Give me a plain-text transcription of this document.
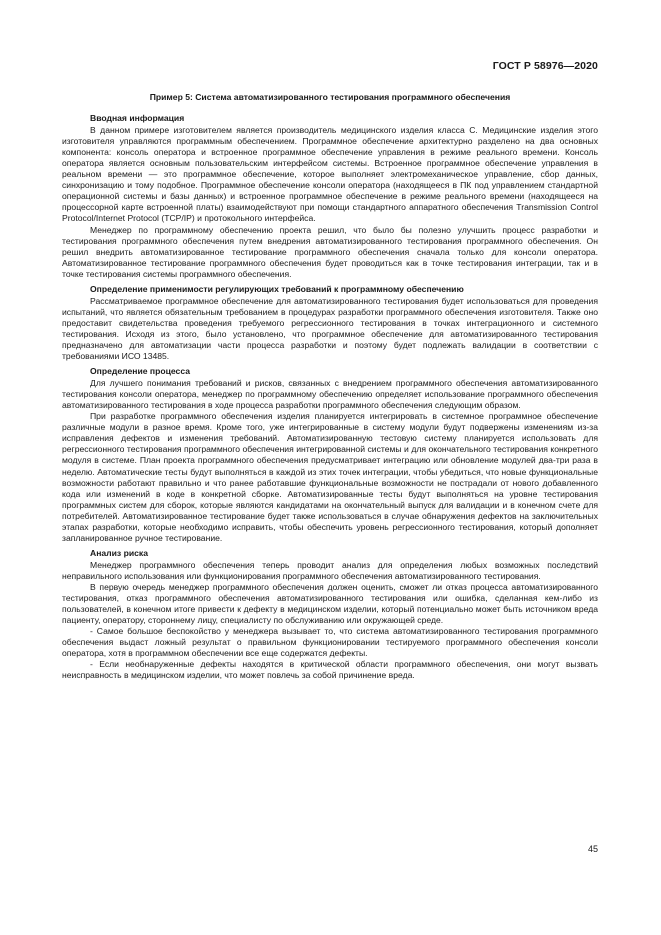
ГОСТ Р 58976—2020
Пример 5: Система автоматизированного тестирования программного обеспечения
Вводная информация

В данном примере изготовителем является производитель медицинского изделия класса С. Медицинские изделия этого изготовителя управляются программным обеспечением. Программное обеспечение архитектурно разделено на два основных компонента: консоль оператора и встроенное программное обеспечение управления в режиме реального времени. Консоль оператора является основным пользовательским интерфейсом системы. Встроенное программное обеспечение управления в реальном времени — это программное обеспечение, которое выполняет электромеханическое управление, сбор данных, синхронизацию и тому подобное. Программное обеспечение консоли оператора (находящееся в ПК под управлением стандартной операционной системы и базы данных) и встроенное программное обеспечение в режиме реального времени (находящееся на процессорной карте встроенной платы) взаимодействуют при помощи стандартного аппаратного обеспечения Transmission Control Protocol/Internet Protocol (TCP/IP) и протокольного интерфейса.

Менеджер по программному обеспечению проекта решил, что было бы полезно улучшить процесс разработки и тестирования программного обеспечения путем внедрения автоматизированного тестирования программного обеспечения. Он решил внедрить автоматизированное тестирование программного обеспечения сначала только для консоли оператора. Автоматизированное тестирование программного обеспечения будет проводиться как в точке тестирования интеграции, так и в точке тестирования системы программного обеспечения.

Определение применимости регулирующих требований к программному обеспечению

Рассматриваемое программное обеспечение для автоматизированного тестирования будет использоваться для проведения испытаний, что является обязательным требованием в процедурах разработки программного обеспечения изготовителя. Также оно предоставит свидетельства проведения требуемого регрессионного тестирования в точках интеграционного и системного тестирования. Исходя из этого, было установлено, что программное обеспечение для автоматизированного тестирования предназначено для автоматизации части процесса разработки и поэтому будет подлежать валидации в соответствии с требованиями ИСО 13485.

Определение процесса

Для лучшего понимания требований и рисков, связанных с внедрением программного обеспечения автоматизированного тестирования консоли оператора, менеджер по программному обеспечению определяет использование программного обеспечения автоматизированного тестирования в ходе процесса разработки программного обеспечения следующим образом.

При разработке программного обеспечения изделия планируется интегрировать в системное программное обеспечение различные модули в разное время. Кроме того, уже интегрированные в систему модули будут подвержены изменениям из-за исправления дефектов и изменения требований. Автоматизированную тестовую систему планируется использовать для регрессионного тестирования программного обеспечения интегрированной системы и для окончательного тестирования конкретного модуля в системе. План проекта программного обеспечения предусматривает интеграцию или обновление модулей два-три раза в неделю. Автоматические тесты будут выполняться в каждой из этих точек интеграции, чтобы убедиться, что новые функциональные возможности работают правильно и что ранее работавшие функциональные возможности не пострадали от нового добавленного кода или изменений в коде в конкретной сборке. Автоматизированные тесты будут выполняться на уровне тестирования программных систем для сборок, которые являются кандидатами на окончательный выпуск для валидации и в конечном счете для потребителей. Автоматизированное тестирование будет также использоваться в случае обнаружения дефектов на заключительных этапах разработки, которые необходимо исправить, чтобы обеспечить уровень регрессионного тестирования, который дополняет запланированное ручное тестирование.

Анализ риска

Менеджер программного обеспечения теперь проводит анализ для определения любых возможных последствий неправильного использования или функционирования программного обеспечения автоматизированного тестирования.

В первую очередь менеджер программного обеспечения должен оценить, сможет ли отказ процесса автоматизированного тестирования, отказ программного обеспечения автоматизированного тестирования или ошибка, сделанная кем-либо из пользователей, в конечном итоге привести к дефекту в медицинском изделии, который потенциально может быть источником вреда пациенту, оператору, стороннему лицу, специалисту по обслуживанию или окружающей среде.

- Самое большое беспокойство у менеджера вызывает то, что система автоматизированного тестирования программного обеспечения выдаст ложный результат о правильном функционировании тестируемого программного обеспечения консоли оператора, хотя в программном обеспечении все еще содержатся дефекты.

- Если необнаруженные дефекты находятся в критической области программного обеспечения, они могут вызвать неисправность в медицинском изделии, что может повлечь за собой причинение вреда.

45
